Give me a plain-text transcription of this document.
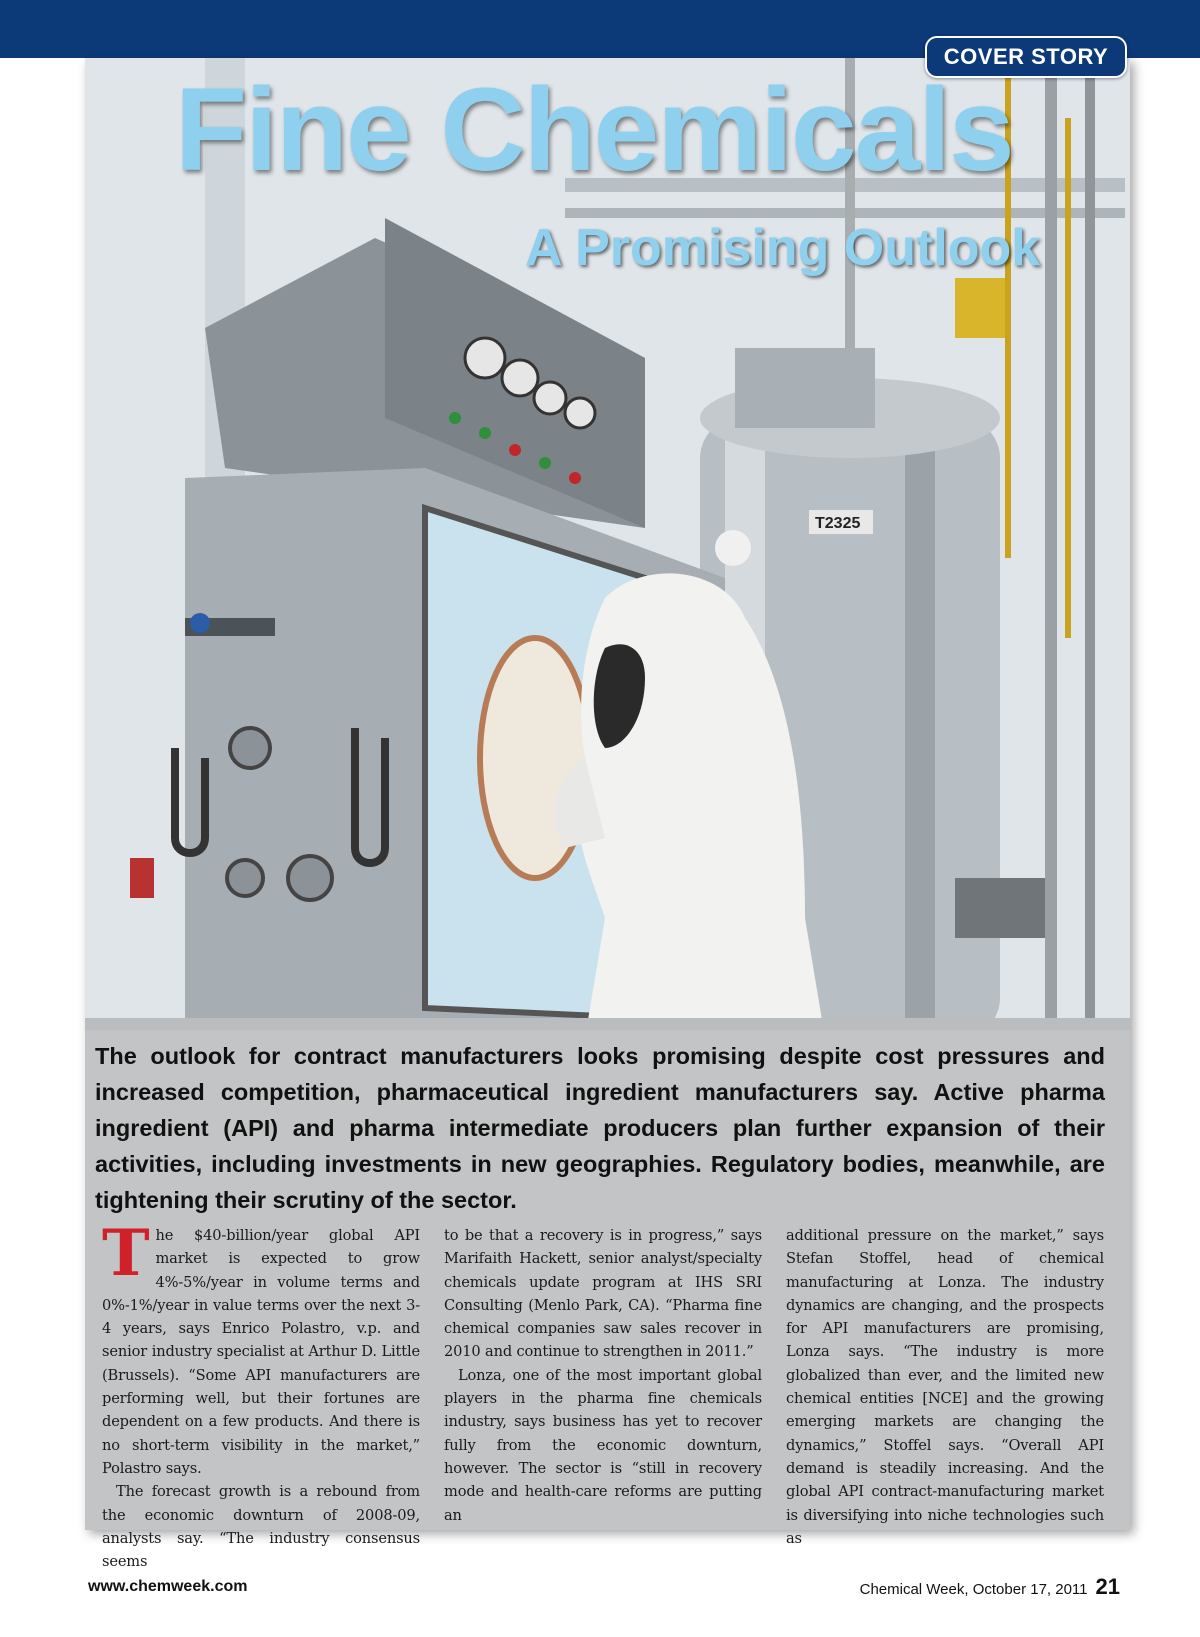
T2325
COVER STORY
Fine Chemicals
A Promising Outlook

The outlook for contract manufacturers looks promising despite cost pressures and increased competition, pharmaceutical ingredient manufacturers say. Active pharma ingredient (API) and pharma intermediate producers plan further expansion of their activities, including investments in new geographies. Regulatory bodies, meanwhile, are tightening their scrutiny of the sector.

The $40-billion/year global API market is expected to grow 4%-5%/year in volume terms and 0%-1%/year in value terms over the next 3-4 years, says Enrico Polastro, v.p. and senior industry specialist at Arthur D. Little (Brussels). “Some API manufacturers are performing well, but their fortunes are dependent on a few products. And there is no short-term visibility in the market,” Polastro says.

The forecast growth is a rebound from the economic downturn of 2008-09, analysts say. “The industry consensus seems

to be that a recovery is in progress,” says Marifaith Hackett, senior analyst/specialty chemicals update program at IHS SRI Consulting (Menlo Park, CA). “Pharma fine chemical companies saw sales recover in 2010 and continue to strengthen in 2011.”

Lonza, one of the most important global players in the pharma fine chemicals industry, says business has yet to recover fully from the economic downturn, however. The sector is “still in recovery mode and health-care reforms are putting an

additional pressure on the market,” says Stefan Stoffel, head of chemical manufacturing at Lonza. The industry dynamics are changing, and the prospects for API manufacturers are promising, Lonza says. “The industry is more globalized than ever, and the limited new chemical entities [NCE] and the growing emerging markets are changing the dynamics,” Stoffel says. “Overall API demand is steadily increasing. And the global API contract-manufacturing market is diversifying into niche technologies such as

www.chemweek.com	Chemical Week, October 17, 2011 21
